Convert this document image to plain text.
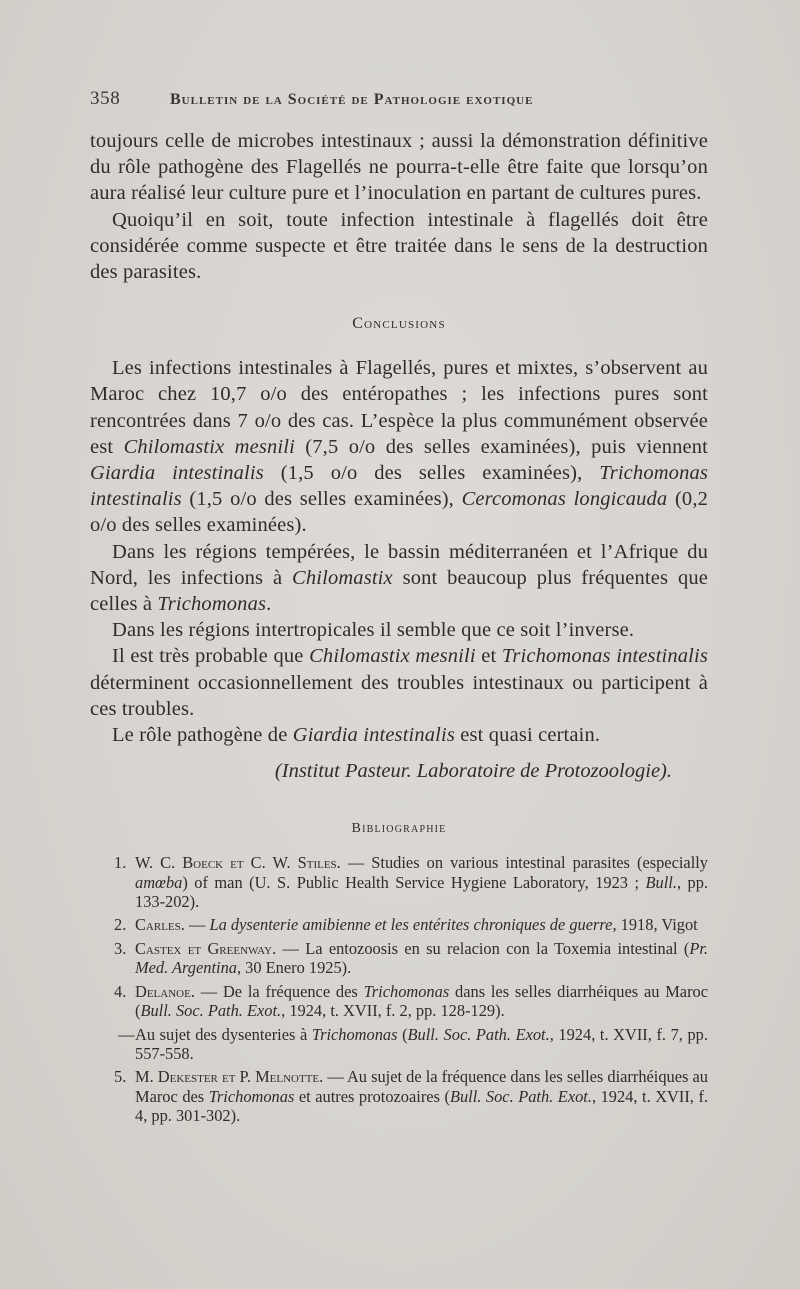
358	Bulletin de la Société de Pathologie exotique

toujours celle de microbes intestinaux ; aussi la démonstration définitive du rôle pathogène des Flagellés ne pourra-t-elle être faite que lorsqu’on aura réalisé leur culture pure et l’inoculation en partant de cultures pures.

Quoiqu’il en soit, toute infection intestinale à flagellés doit être considérée comme suspecte et être traitée dans le sens de la destruction des parasites.

Conclusions

Les infections intestinales à Flagellés, pures et mixtes, s’observent au Maroc chez 10,7 o/o des entéropathes ; les infections pures sont rencontrées dans 7 o/o des cas. L’espèce la plus communément observée est Chilomastix mesnili (7,5 o/o des selles examinées), puis viennent Giardia intestinalis (1,5 o/o des selles examinées), Trichomonas intestinalis (1,5 o/o des selles examinées), Cercomonas longicauda (0,2 o/o des selles examinées).

Dans les régions tempérées, le bassin méditerranéen et l’Afrique du Nord, les infections à Chilomastix sont beaucoup plus fréquentes que celles à Trichomonas.

Dans les régions intertropicales il semble que ce soit l’inverse.

Il est très probable que Chilomastix mesnili et Trichomonas intestinalis déterminent occasionnellement des troubles intestinaux ou participent à ces troubles.

Le rôle pathogène de Giardia intestinalis est quasi certain.

(Institut Pasteur. Laboratoire de Protozoologie).
Bibliographie
1. W. C. Boeck et C. W. Stiles. — Studies on various intestinal parasites (especially amœba) of man (U. S. Public Health Service Hygiene Laboratory, 1923 ; Bull., pp. 133-202).
2. Carles. — La dysenterie amibienne et les entérites chroniques de guerre, 1918, Vigot
3. Castex et Greenway. — La entozoosis en su relacion con la Toxemia intestinal (Pr. Med. Argentina, 30 Enero 1925).
4. Delanoe. — De la fréquence des Trichomonas dans les selles diarrhéiques au Maroc (Bull. Soc. Path. Exot., 1924, t. XVII, f. 2, pp. 128-129).
— Au sujet des dysenteries à Trichomonas (Bull. Soc. Path. Exot., 1924, t. XVII, f. 7, pp. 557-558.
5. M. Dekester et P. Melnotte. — Au sujet de la fréquence dans les selles diarrhéiques au Maroc des Trichomonas et autres protozoaires (Bull. Soc. Path. Exot., 1924, t. XVII, f. 4, pp. 301-302).
